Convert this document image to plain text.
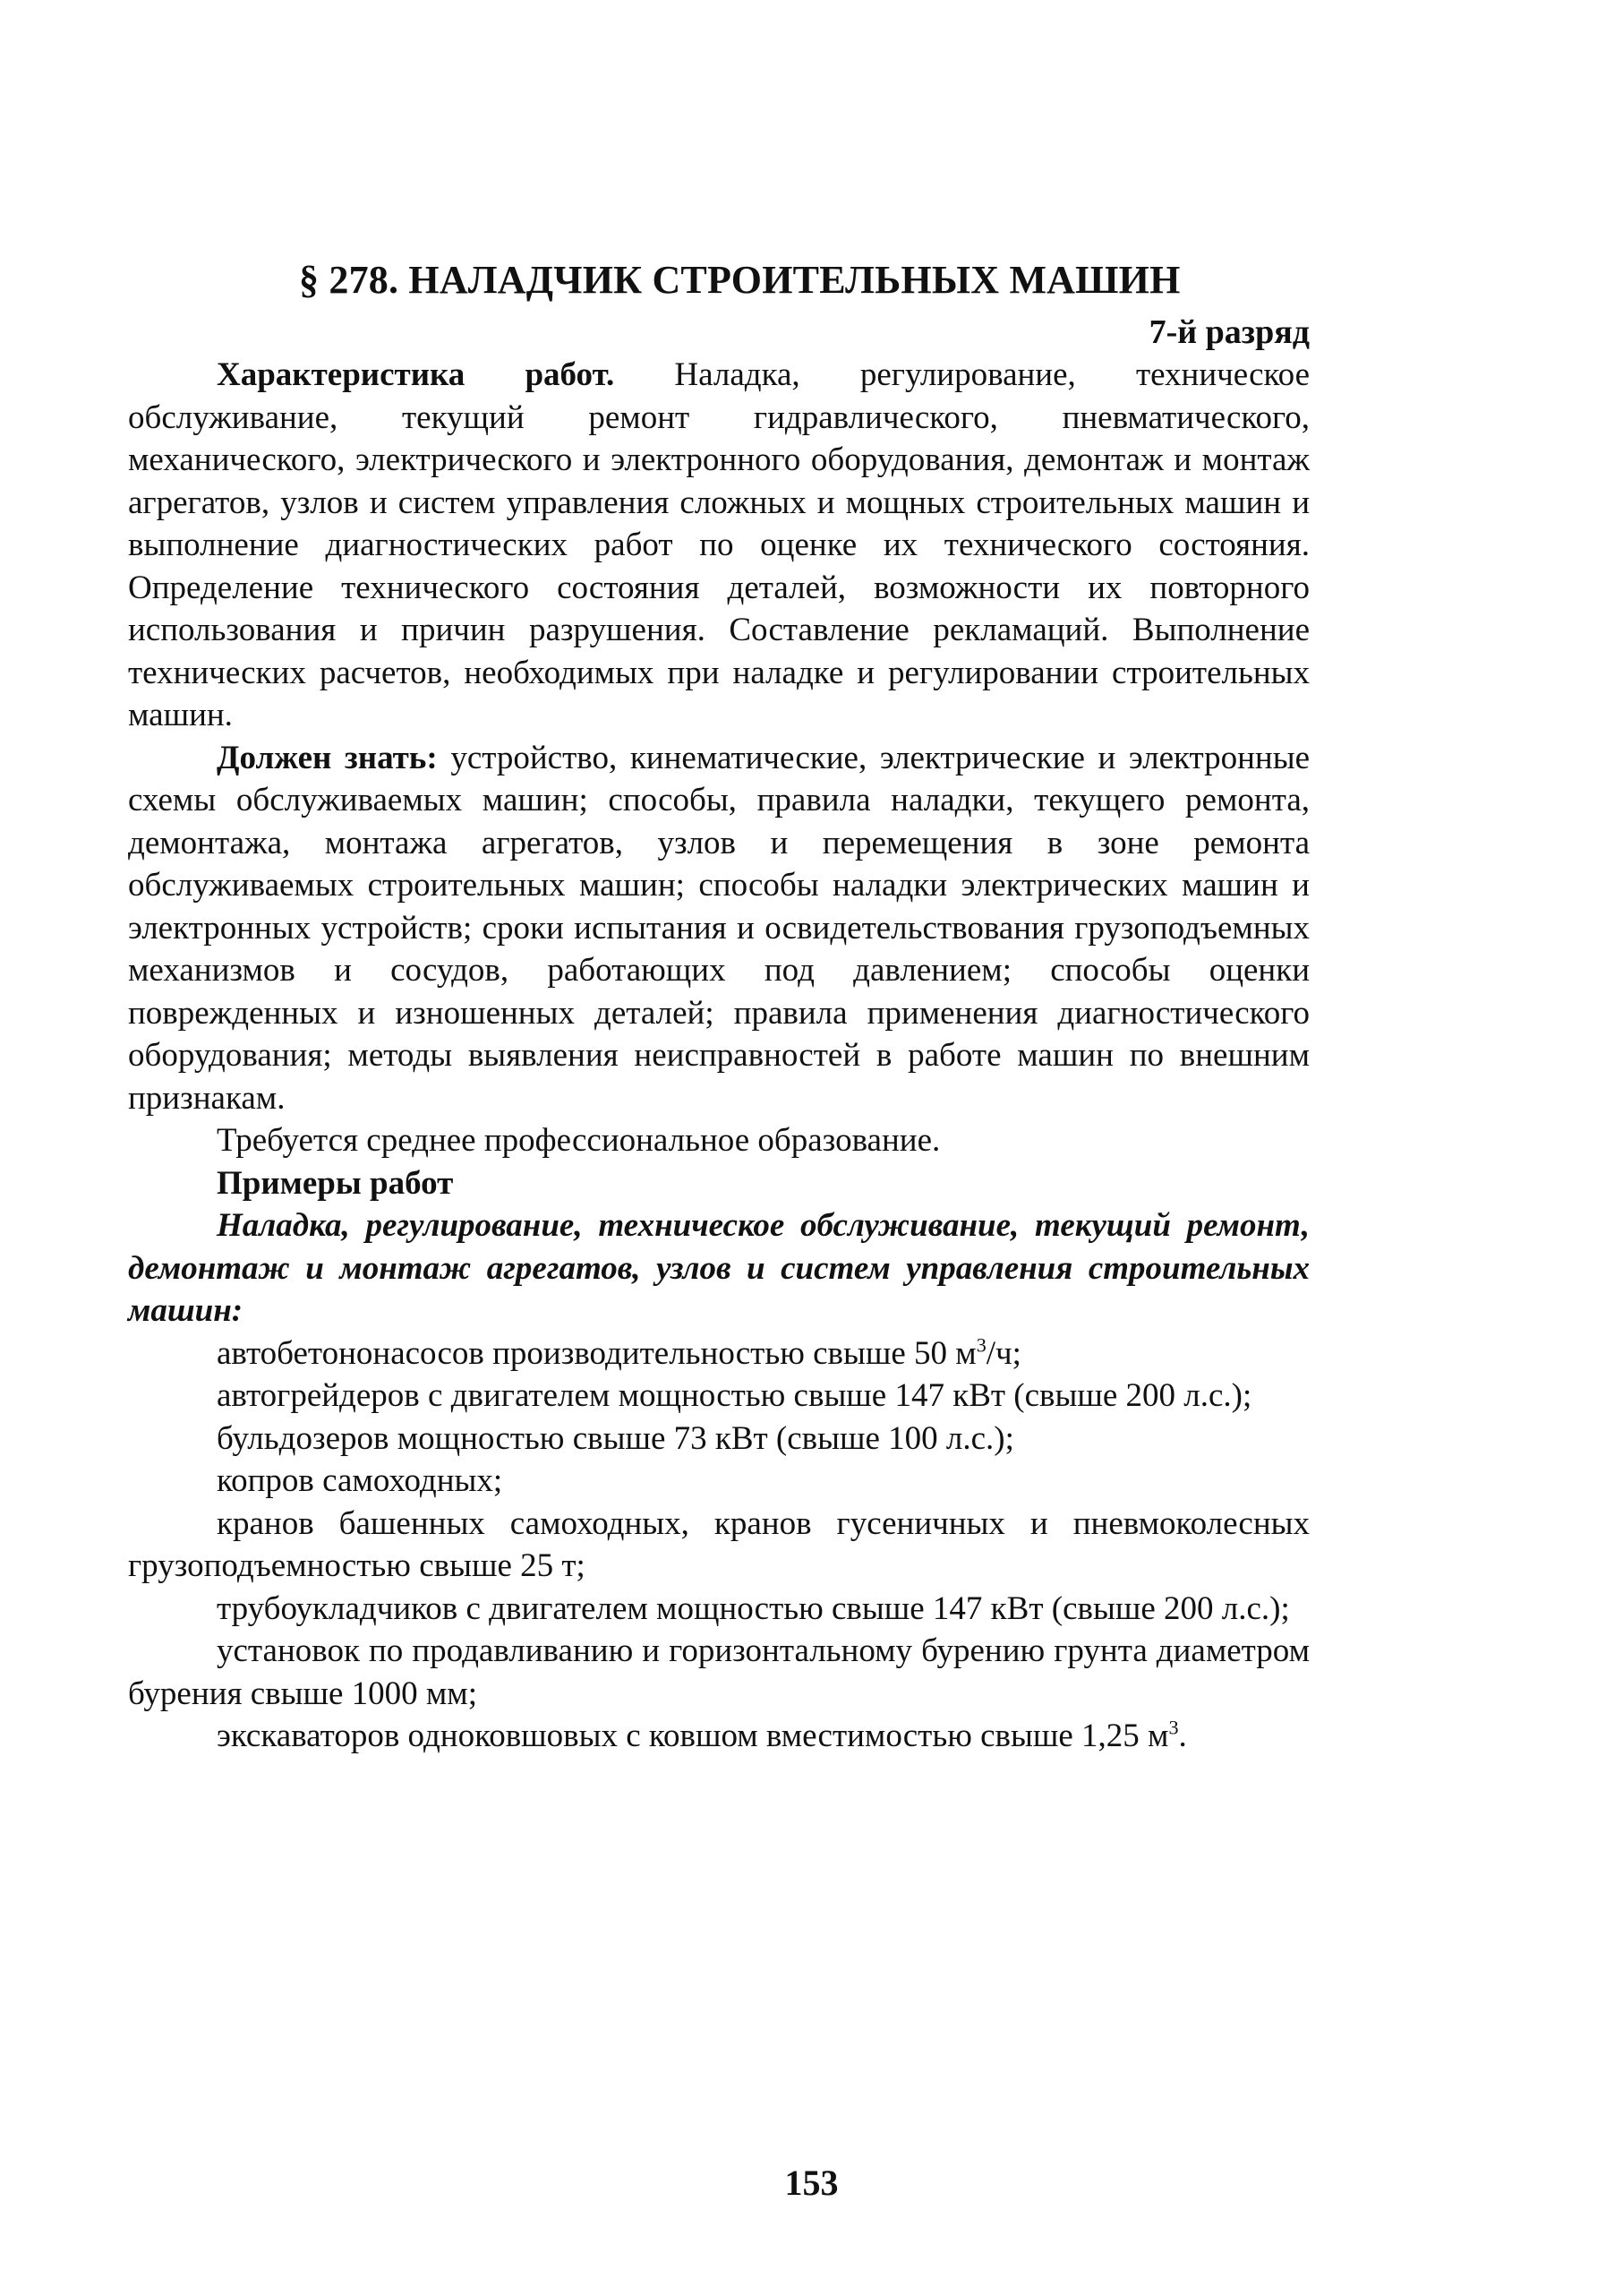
§ 278. НАЛАДЧИК СТРОИТЕЛЬНЫХ МАШИН
7-й разряд

Характеристика работ. Наладка, регулирование, техническое обслуживание, текущий ремонт гидравлического, пневматического, механического, электрического и электронного оборудования, демонтаж и монтаж агрегатов, узлов и систем управления сложных и мощных строительных машин и выполнение диагностических работ по оценке их технического состояния. Определение технического состояния деталей, возможности их повторного использования и причин разрушения. Составление рекламаций. Выполнение технических расчетов, необходимых при наладке и регулировании строительных машин.

Должен знать: устройство, кинематические, электрические и электронные схемы обслуживаемых машин; способы, правила наладки, текущего ремонта, демонтажа, монтажа агрегатов, узлов и перемещения в зоне ремонта обслуживаемых строительных машин; способы наладки электрических машин и электронных устройств; сроки испытания и освидетельствования грузоподъемных механизмов и сосудов, работающих под давлением; способы оценки поврежденных и изношенных деталей; правила применения диагностического оборудования; методы выявления неисправностей в работе машин по внешним признакам.

Требуется среднее профессиональное образование.

Примеры работ

Наладка, регулирование, техническое обслуживание, текущий ремонт, демонтаж и монтаж агрегатов, узлов и систем управления строительных машин:

автобетононасосов производительностью свыше 50 $м^3/ч$;

автогрейдеров с двигателем мощностью свыше 147 кВт (свыше 200 л.с.);

бульдозеров мощностью свыше 73 кВт (свыше 100 л.с.);

копров самоходных;

кранов башенных самоходных, кранов гусеничных и пневмоколесных грузоподъемностью свыше 25 т;

трубоукладчиков с двигателем мощностью свыше 147 кВт (свыше 200 л.с.);

установок по продавливанию и горизонтальному бурению грунта диаметром бурения свыше 1000 мм;

экскаваторов одноковшовых с ковшом вместимостью свыше 1,25 $м^3$.

153
